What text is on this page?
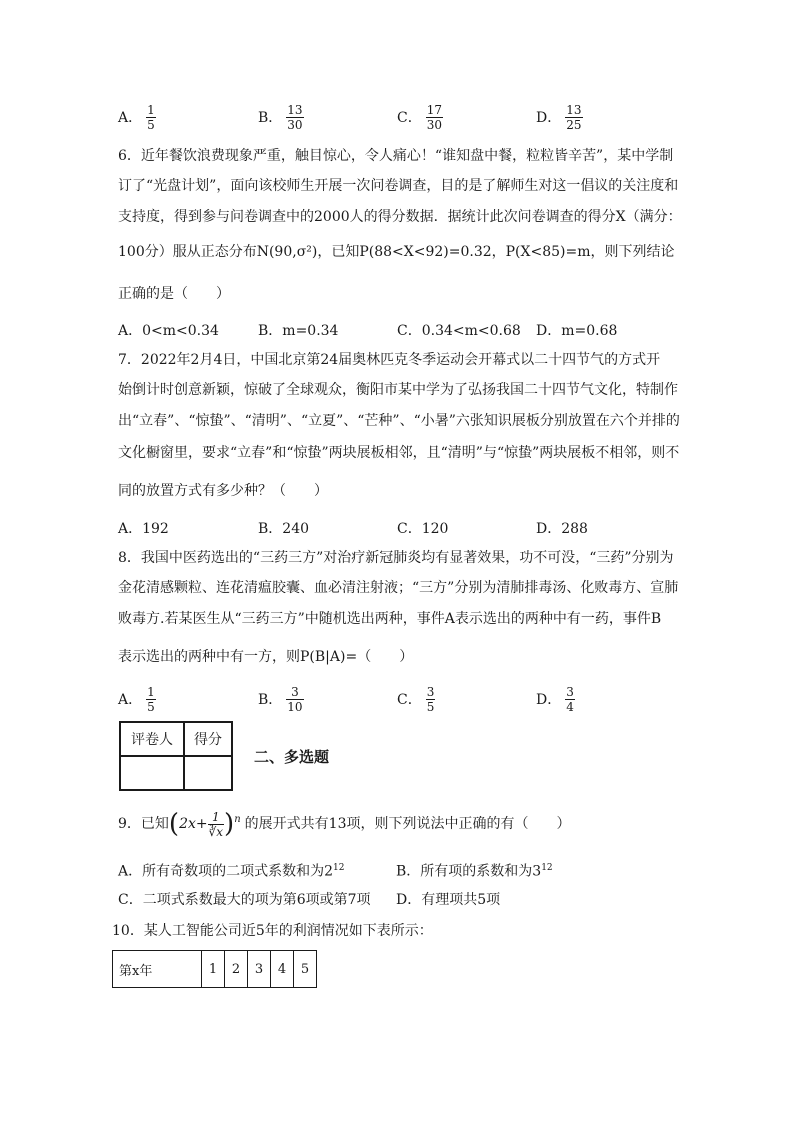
A． $\frac{1}{5}$	B． $\frac{13}{30}$	C． $\frac{17}{30}$	D． $\frac{13}{25}$
6．近年餐饮浪费现象严重，触目惊心，令人痛心！“谁知盘中餐，粒粒皆辛苦”，某中学制
订了“光盘计划”，面向该校师生开展一次问卷调查，目的是了解师生对这一倡议的关注度和
支持度，得到参与问卷调查中的2000人的得分数据．据统计此次问卷调查的得分X（满分：
100分）服从正态分布N(90,σ²)，已知P(88<X<92)=0.32，P(X<85)=m，则下列结论
正确的是（　　）
A．0<m<0.34	B．m=0.34	C．0.34<m<0.68 D．m=0.68
7．2022年2月4日，中国北京第24届奥林匹克冬季运动会开幕式以二十四节气的方式开
始倒计时创意新颖，惊破了全球观众，衡阳市某中学为了弘扬我国二十四节气文化，特制作
出“立春”、“惊蛰”、“清明”、“立夏”、“芒种”、“小暑”六张知识展板分别放置在六个并排的
文化橱窗里，要求“立春”和“惊蛰”两块展板相邻，且“清明”与“惊蛰”两块展板不相邻，则不
同的放置方式有多少种？（　　）
A．192	B．240	C．120	D．288
8．我国中医药选出的“三药三方”对治疗新冠肺炎均有显著效果，功不可没，“三药”分别为
金花清感颗粒、连花清瘟胶囊、血必清注射液；“三方”分别为清肺排毒汤、化败毒方、宣肺
败毒方.若某医生从“三药三方”中随机选出两种，事件A表示选出的两种中有一药，事件B
表示选出的两种中有一方，则P(B|A)=（　　）
A． $\frac{1}{5}$	B． $\frac{3}{10}$	C． $\frac{3}{5}$	D． $\frac{3}{4}$
评卷人	得分

二、多选题
9．已知 ( $2x+ \frac{1}{∛x}$ ) n 的展开式共有13项，则下列说法中正确的有（　　）
A．所有奇数项的二项式系数和为$2^{12}$	B．所有项的系数和为$3^{12}$
C．二项式系数最大的项为第6项或第7项 D．有理项共5项
10．某人工智能公司近5年的利润情况如下表所示：
第x年	1	2	3	4	5
